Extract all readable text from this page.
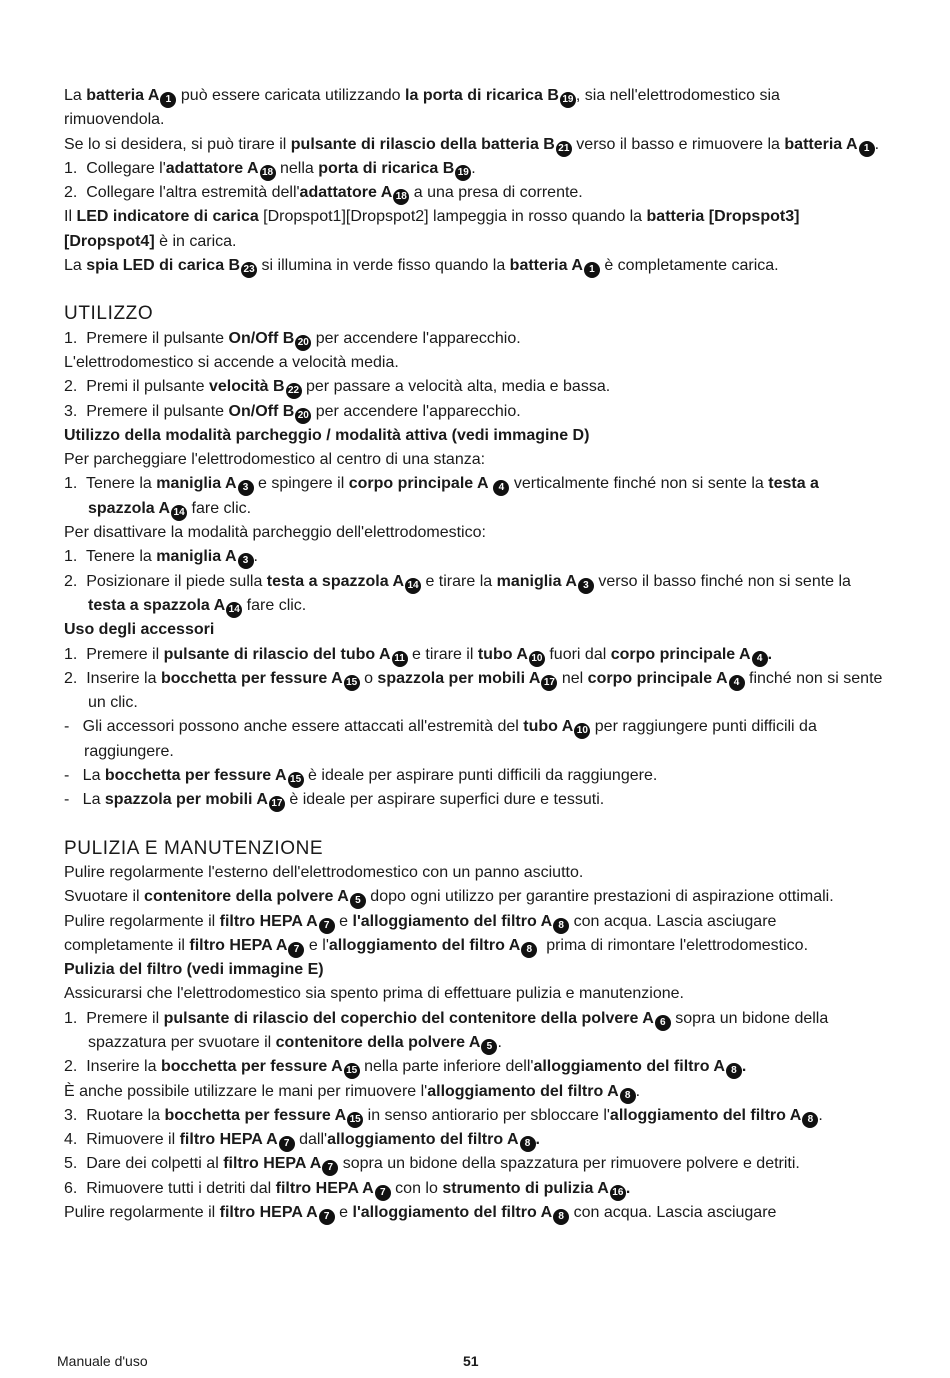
La batteria A 1 può essere caricata utilizzando la porta di ricarica B 19 , sia nell'elettrodomestico sia rimuovendola.
Se lo si desidera, si può tirare il pulsante di rilascio della batteria B 21 verso il basso e rimuovere la batteria A 1 .
1.  Collegare l'adattatore A 18 nella porta di ricarica B 19 .
2.  Collegare l'altra estremità dell'adattatore A 18 a una presa di corrente.
Il LED indicatore di carica [Dropspot1][Dropspot2] lampeggia in rosso quando la batteria [Dropspot3] [Dropspot4] è in carica.
La spia LED di carica B 23 si illumina in verde fisso quando la batteria A 1 è completamente carica.
UTILIZZO
1.  Premere il pulsante On/Off B 20 per accendere l'apparecchio.
L'elettrodomestico si accende a velocità media.
2.  Premi il pulsante velocità B 22 per passare a velocità alta, media e bassa.
3.  Premere il pulsante On/Off B 20 per accendere l'apparecchio.
Utilizzo della modalità parcheggio / modalità attiva (vedi immagine D)
Per parcheggiare l'elettrodomestico al centro di una stanza:
1.  Tenere la maniglia A 3 e spingere il corpo principale A 4 verticalmente finché non si sente la testa a spazzola A 14 fare clic.
Per disattivare la modalità parcheggio dell'elettrodomestico:
1.  Tenere la maniglia A 3 .
2.  Posizionare il piede sulla testa a spazzola A 14 e tirare la maniglia A 3 verso il basso finché non si sente la testa a spazzola A 14 fare clic.
Uso degli accessori
1.  Premere il pulsante di rilascio del tubo A 11 e tirare il tubo A 10 fuori dal corpo principale A 4 .
2.  Inserire la bocchetta per fessure A 15 o spazzola per mobili A 17 nel corpo principale A 4 finché non si sente un clic.
-   Gli accessori possono anche essere attaccati all'estremità del tubo A 10 per raggiungere punti difficili da raggiungere.
-   La bocchetta per fessure A 15 è ideale per aspirare punti difficili da raggiungere.
-   La spazzola per mobili A 17 è ideale per aspirare superfici dure e tessuti.
PULIZIA E MANUTENZIONE
Pulire regolarmente l'esterno dell'elettrodomestico con un panno asciutto.
Svuotare il contenitore della polvere A 5 dopo ogni utilizzo per garantire prestazioni di aspirazione ottimali.
Pulire regolarmente il filtro HEPA A 7 e l'alloggiamento del filtro A 8 con acqua. Lascia asciugare completamente il filtro HEPA A 7 e l'alloggiamento del filtro A 8  prima di rimontare l'elettrodomestico.
Pulizia del filtro (vedi immagine E)
Assicurarsi che l'elettrodomestico sia spento prima di effettuare pulizia e manutenzione.
1.  Premere il pulsante di rilascio del coperchio del contenitore della polvere A 6 sopra un bidone della spazzatura per svuotare il contenitore della polvere A 5 .
2.  Inserire la bocchetta per fessure A 15 nella parte inferiore dell'alloggiamento del filtro A 8 .
È anche possibile utilizzare le mani per rimuovere l'alloggiamento del filtro A 8 .
3.  Ruotare la bocchetta per fessure A 15 in senso antiorario per sbloccare l'alloggiamento del filtro A 8 .
4.  Rimuovere il filtro HEPA A 7 dall'alloggiamento del filtro A 8 .
5.  Dare dei colpetti al filtro HEPA A 7 sopra un bidone della spazzatura per rimuovere polvere e detriti.
6.  Rimuovere tutti i detriti dal filtro HEPA A 7 con lo strumento di pulizia A 16 .
Pulire regolarmente il filtro HEPA A 7 e l'alloggiamento del filtro A 8 con acqua. Lascia asciugare
Manuale d'uso	51
